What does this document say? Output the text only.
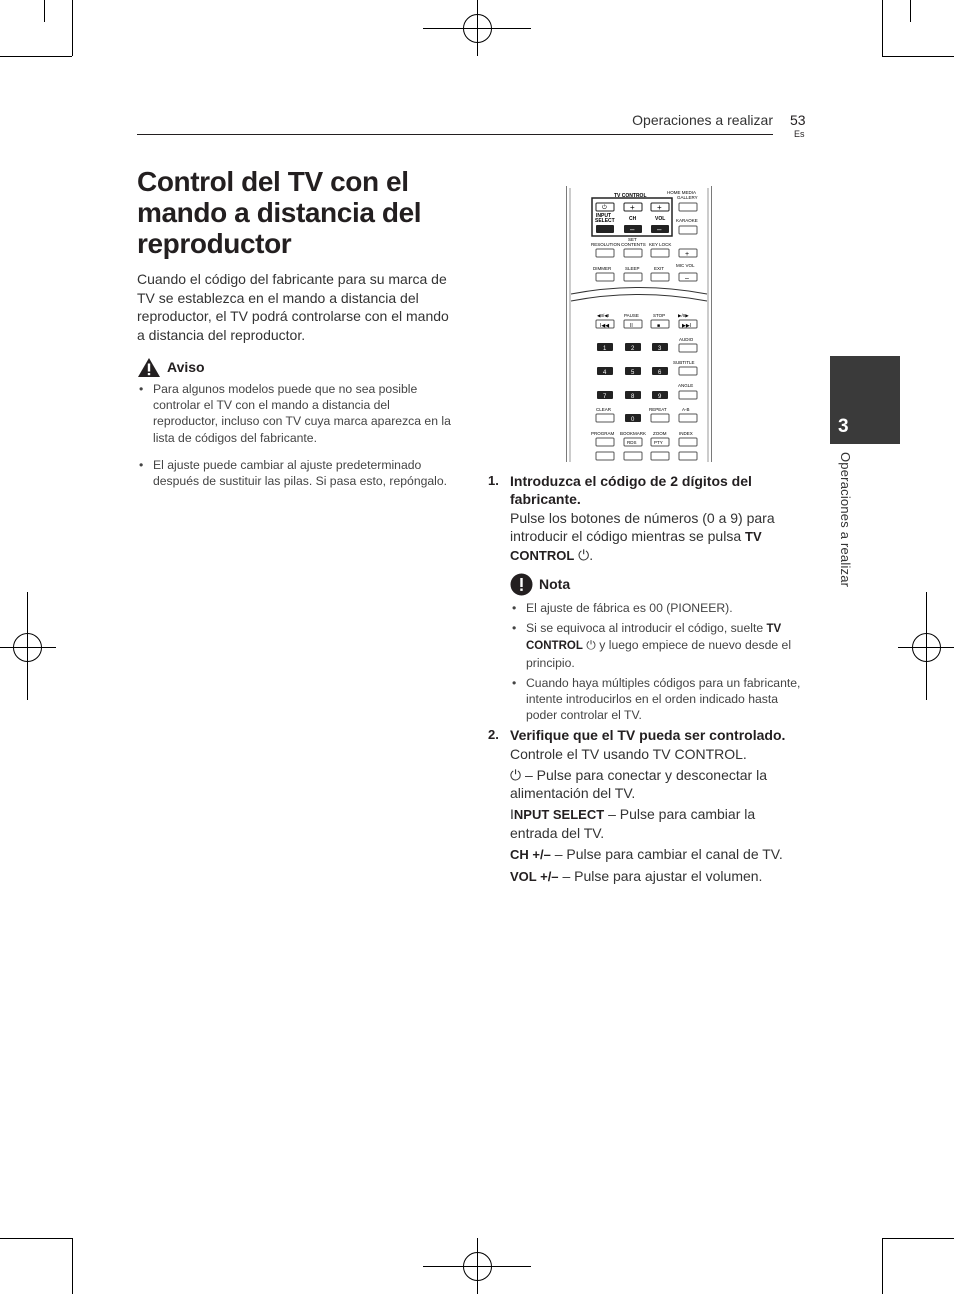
Operaciones a realizar 53
Es
Control del TV con el mando a distancia del reproductor
Cuando el código del fabricante para su marca de TV se establezca en el mando a distancia del reproductor, el TV podrá controlarse con el mando a distancia del reproductor.
Aviso
• Para algunos modelos puede que no sea posible controlar el TV con el mando a distancia del reproductor, incluso con TV cuya marca aparezca en la lista de códigos del fabricante.
• El ajuste puede cambiar al ajuste predeterminado después de sustituir las pilas. Si pasa esto, repóngalo.
3
Operaciones a realizar
TV CONTROL
HOME MEDIA
GALLERY
⏻	+	+
INPUT
SELECT	CH	VOL
–	–
KARAOKE
SET
RESOLUTION CONTENTS KEY LOCK
+
MIC VOL
DIMMER	SLEEP	EXIT
–
◀II/◀I	PAUSE	STOP	▶/II▶
I◀◀	II	■	▶▶I
AUDIO
SUBTITLE
ANGLE
1	2	3
4	5	6
7	8	9
0
CLEAR	REPEAT	A-B
PROGRAM BOOKMARK ZOOM	INDEX
RDS	PTY
1. Introduzca el código de 2 dígitos del fabricante.
Pulse los botones de números (0 a 9) para introducir el código mientras se pulsa TV CONTROL ⏻.
Nota
• El ajuste de fábrica es 00 (PIONEER).
• Si se equivoca al introducir el código, suelte TV CONTROL ⏻ y luego empiece de nuevo desde el principio.
• Cuando haya múltiples códigos para un fabricante, intente introducirlos en el orden indicado hasta poder controlar el TV.
2. Verifique que el TV pueda ser controlado.

Controle el TV usando TV CONTROL.

⏻ – Pulse para conectar y desconectar la alimentación del TV.

INPUT SELECT – Pulse para cambiar la entrada del TV.

CH +/– – Pulse para cambiar el canal de TV.

VOL +/– – Pulse para ajustar el volumen.
